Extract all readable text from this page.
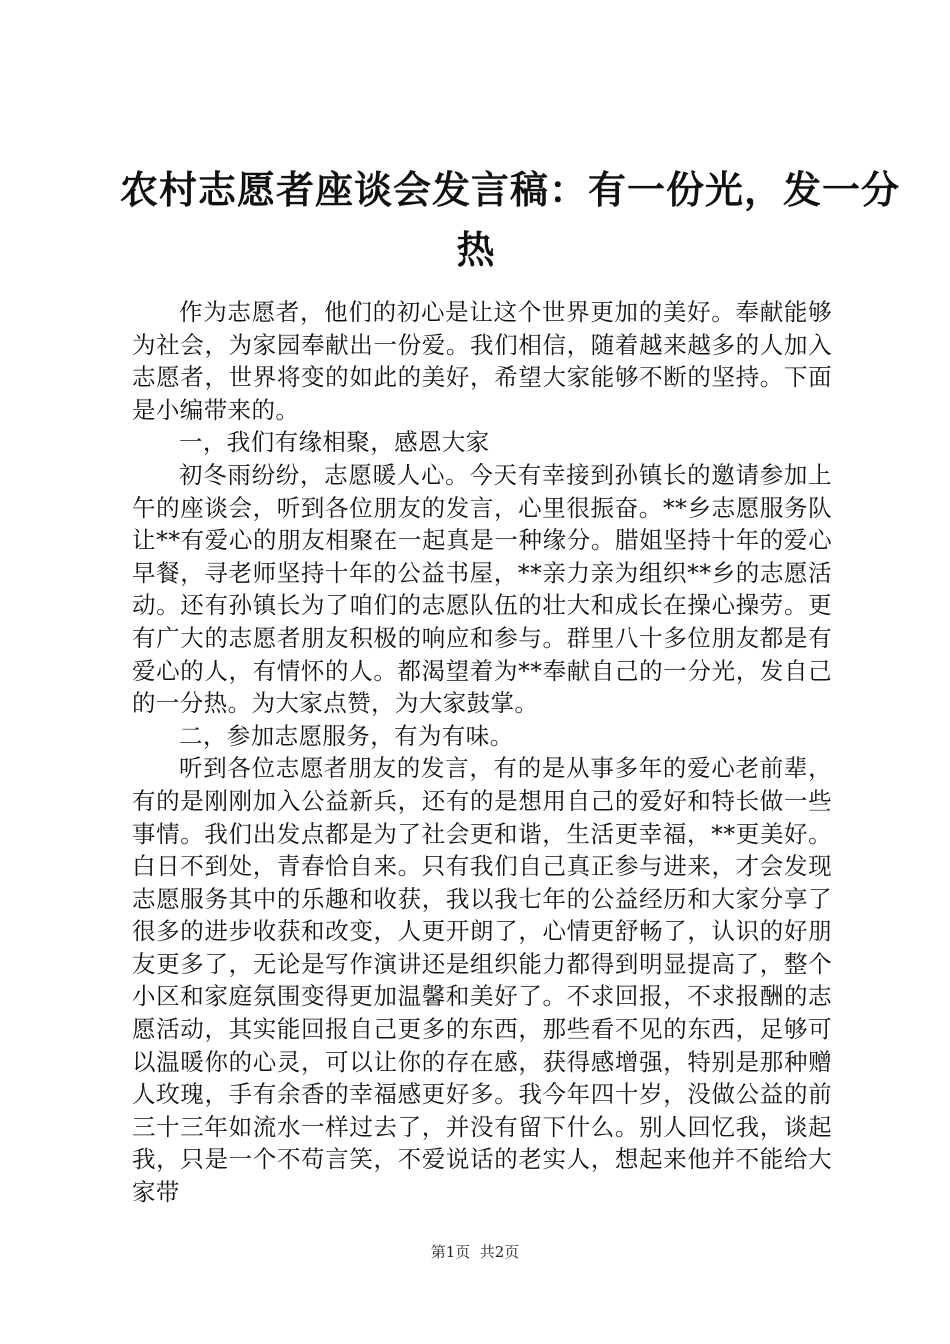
农村志愿者座谈会发言稿：有一份光，发一分
热

作为志愿者，他们的初心是让这个世界更加的美好。奉献能够为社会，为家园奉献出一份爱。我们相信，随着越来越多的人加入志愿者，世界将变的如此的美好，希望大家能够不断的坚持。下面是小编带来的。

一，我们有缘相聚，感恩大家

初冬雨纷纷，志愿暖人心。今天有幸接到孙镇长的邀请参加上午的座谈会，听到各位朋友的发言，心里很振奋。**乡志愿服务队让**有爱心的朋友相聚在一起真是一种缘分。腊姐坚持十年的爱心早餐，寻老师坚持十年的公益书屋，**亲力亲为组织**乡的志愿活动。还有孙镇长为了咱们的志愿队伍的壮大和成长在操心操劳。更有广大的志愿者朋友积极的响应和参与。群里八十多位朋友都是有爱心的人，有情怀的人。都渴望着为**奉献自己的一分光，发自己的一分热。为大家点赞，为大家鼓掌。

二，参加志愿服务，有为有味。

听到各位志愿者朋友的发言，有的是从事多年的爱心老前辈，有的是刚刚加入公益新兵，还有的是想用自己的爱好和特长做一些事情。我们出发点都是为了社会更和谐，生活更幸福，**更美好。白日不到处，青春恰自来。只有我们自己真正参与进来，才会发现志愿服务其中的乐趣和收获，我以我七年的公益经历和大家分享了很多的进步收获和改变，人更开朗了，心情更舒畅了，认识的好朋友更多了，无论是写作演讲还是组织能力都得到明显提高了，整个小区和家庭氛围变得更加温馨和美好了。不求回报，不求报酬的志愿活动，其实能回报自己更多的东西，那些看不见的东西，足够可以温暖你的心灵，可以让你的存在感，获得感增强，特别是那种赠人玫瑰，手有余香的幸福感更好多。我今年四十岁，没做公益的前三十三年如流水一样过去了，并没有留下什么。别人回忆我，谈起我，只是一个不苟言笑，不爱说话的老实人，想起来他并不能给大家带

第1页  共2页
